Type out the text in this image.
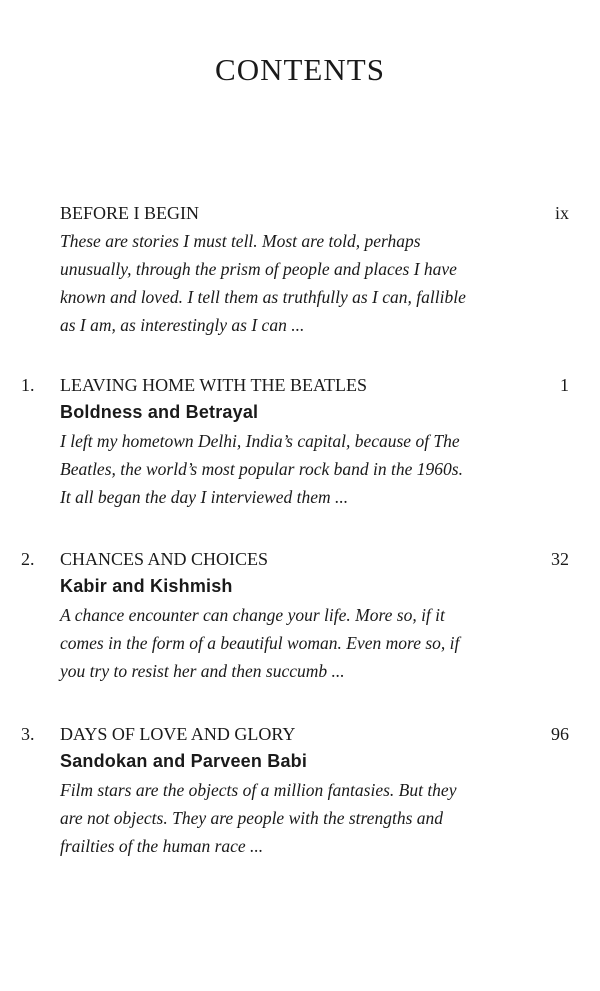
CONTENTS
BEFORE I BEGIN	ix
These are stories I must tell. Most are told, perhaps
unusually, through the prism of people and places I have
known and loved. I tell them as truthfully as I can, fallible
as I am, as interestingly as I can ...
1. LEAVING HOME WITH THE BEATLES	1
Boldness and Betrayal
I left my hometown Delhi, India’s capital, because of The
Beatles, the world’s most popular rock band in the 1960s.
It all began the day I interviewed them ...
2. CHANCES AND CHOICES	32
Kabir and Kishmish
A chance encounter can change your life. More so, if it
comes in the form of a beautiful woman. Even more so, if
you try to resist her and then succumb ...
3. DAYS OF LOVE AND GLORY	96
Sandokan and Parveen Babi
Film stars are the objects of a million fantasies. But they
are not objects. They are people with the strengths and
frailties of the human race ...
